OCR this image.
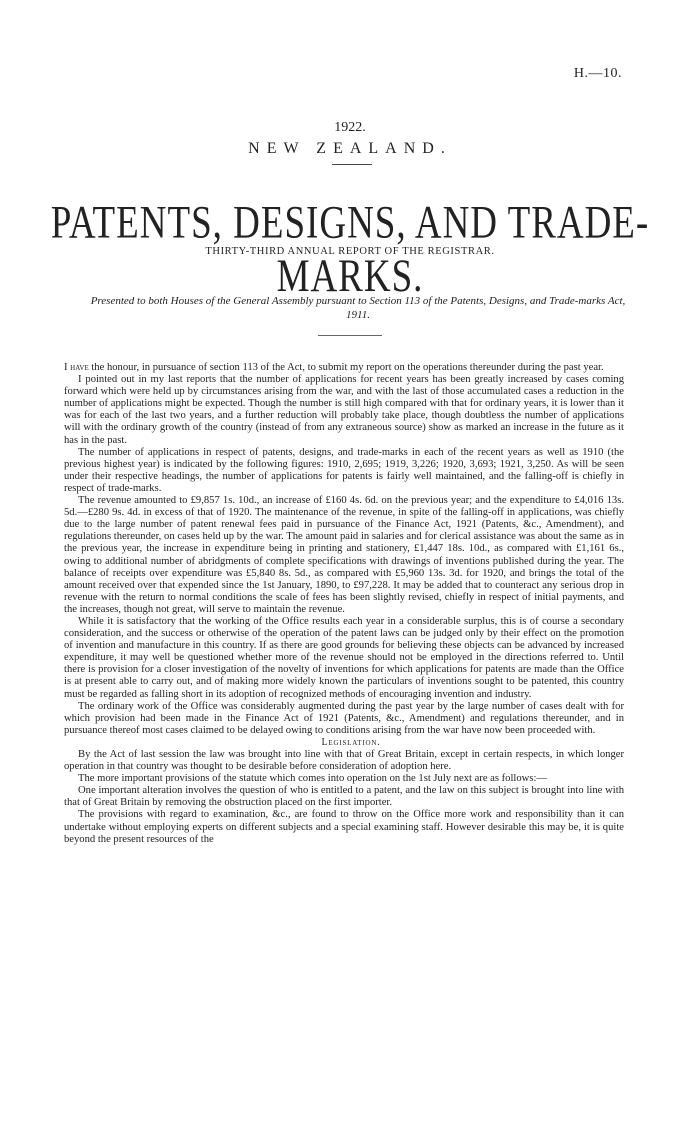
H.—10.
1922.
NEW ZEALAND.
PATENTS, DESIGNS, AND TRADE-MARKS.
THIRTY-THIRD ANNUAL REPORT OF THE REGISTRAR.
Presented to both Houses of the General Assembly pursuant to Section 113 of the Patents, Designs, and Trade-marks Act, 1911.

I have the honour, in pursuance of section 113 of the Act, to submit my report on the operations thereunder during the past year.

I pointed out in my last reports that the number of applications for recent years has been greatly increased by cases coming forward which were held up by circumstances arising from the war, and with the last of those accumulated cases a reduction in the number of applications might be expected. Though the number is still high compared with that for ordinary years, it is lower than it was for each of the last two years, and a further reduction will probably take place, though doubtless the number of applications will with the ordinary growth of the country (instead of from any extraneous source) show as marked an increase in the future as it has in the past.

The number of applications in respect of patents, designs, and trade-marks in each of the recent years as well as 1910 (the previous highest year) is indicated by the following figures: 1910, 2,695; 1919, 3,226; 1920, 3,693; 1921, 3,250. As will be seen under their respective headings, the number of applications for patents is fairly well maintained, and the falling-off is chiefly in respect of trade-marks.

The revenue amounted to £9,857 1s. 10d., an increase of £160 4s. 6d. on the previous year; and the expenditure to £4,016 13s. 5d.—£280 9s. 4d. in excess of that of 1920. The maintenance of the revenue, in spite of the falling-off in applications, was chiefly due to the large number of patent renewal fees paid in pursuance of the Finance Act, 1921 (Patents, &c., Amendment), and regulations thereunder, on cases held up by the war. The amount paid in salaries and for clerical assistance was about the same as in the previous year, the increase in expenditure being in printing and stationery, £1,447 18s. 10d., as compared with £1,161 6s., owing to additional number of abridgments of complete specifications with drawings of inventions published during the year. The balance of receipts over expenditure was £5,840 8s. 5d., as compared with £5,960 13s. 3d. for 1920, and brings the total of the amount received over that expended since the 1st January, 1890, to £97,228. It may be added that to counteract any serious drop in revenue with the return to normal conditions the scale of fees has been slightly revised, chiefly in respect of initial payments, and the increases, though not great, will serve to maintain the revenue.

While it is satisfactory that the working of the Office results each year in a considerable surplus, this is of course a secondary consideration, and the success or otherwise of the operation of the patent laws can be judged only by their effect on the promotion of invention and manufacture in this country. If as there are good grounds for believing these objects can be advanced by increased expenditure, it may well be questioned whether more of the revenue should not be employed in the directions referred to. Until there is provision for a closer investigation of the novelty of inventions for which applications for patents are made than the Office is at present able to carry out, and of making more widely known the particulars of inventions sought to be patented, this country must be regarded as falling short in its adoption of recognized methods of encouraging invention and industry.

The ordinary work of the Office was considerably augmented during the past year by the large number of cases dealt with for which provision had been made in the Finance Act of 1921 (Patents, &c., Amendment) and regulations thereunder, and in pursuance thereof most cases claimed to be delayed owing to conditions arising from the war have now been proceeded with.

Legislation.

By the Act of last session the law was brought into line with that of Great Britain, except in certain respects, in which longer operation in that country was thought to be desirable before consideration of adoption here.

The more important provisions of the statute which comes into operation on the 1st July next are as follows:—

One important alteration involves the question of who is entitled to a patent, and the law on this subject is brought into line with that of Great Britain by removing the obstruction placed on the first importer.

The provisions with regard to examination, &c., are found to throw on the Office more work and responsibility than it can undertake without employing experts on different subjects and a special examining staff. However desirable this may be, it is quite beyond the present resources of the
